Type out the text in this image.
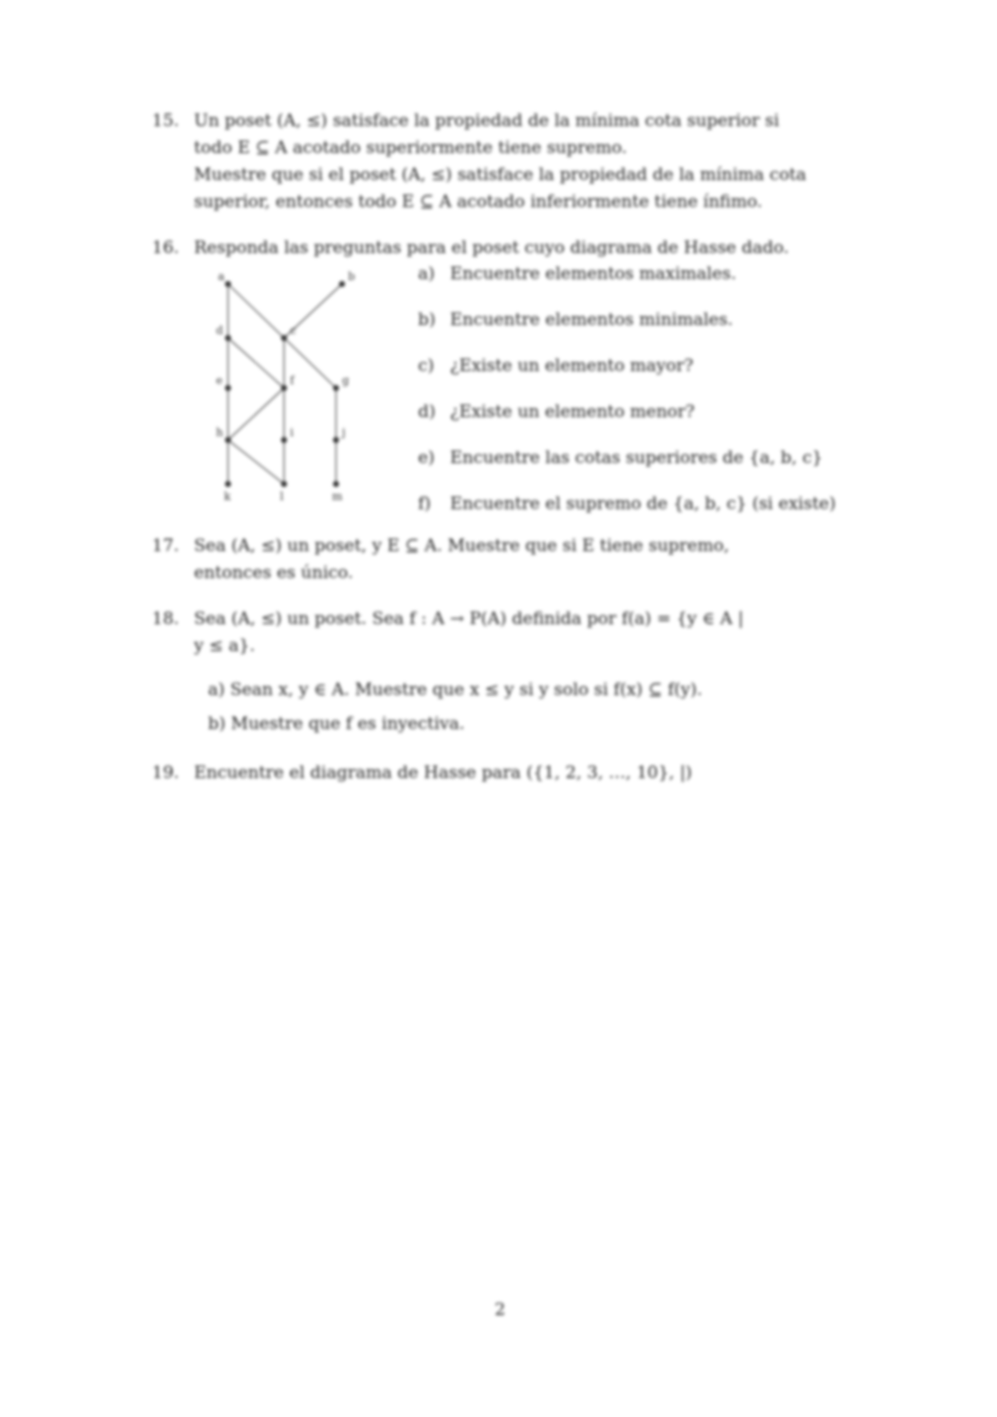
15. Un poset (A, ≤) satisface la propiedad de la mínima cota superior si
todo E ⊆ A acotado superiormente tiene supremo.
Muestre que si el poset (A, ≤) satisface la propiedad de la mínima cota
superior, entonces todo E ⊆ A acotado inferiormente tiene ínfimo.
16. Responda las preguntas para el poset cuyo diagrama de Hasse dado.
a	b
c
d
e	f	g
h	i	j
k	l	m
a) Encuentre elementos maximales.
b) Encuentre elementos minimales.
c) ¿Existe un elemento mayor?
d) ¿Existe un elemento menor?
e) Encuentre las cotas superiores de {a, b, c}
f) Encuentre el supremo de {a, b, c} (si existe)
17. Sea (A, ≤) un poset, y E ⊆ A. Muestre que si E tiene supremo,
entonces es único.
18. Sea (A, ≤) un poset. Sea f : A → P(A) definida por f(a) = {y ∈ A |
y ≤ a}.
a) Sean x, y ∈ A. Muestre que x ≤ y si y solo si f(x) ⊆ f(y).
b) Muestre que f es inyectiva.
19. Encuentre el diagrama de Hasse para ({1, 2, 3, …, 10}, |)
2
